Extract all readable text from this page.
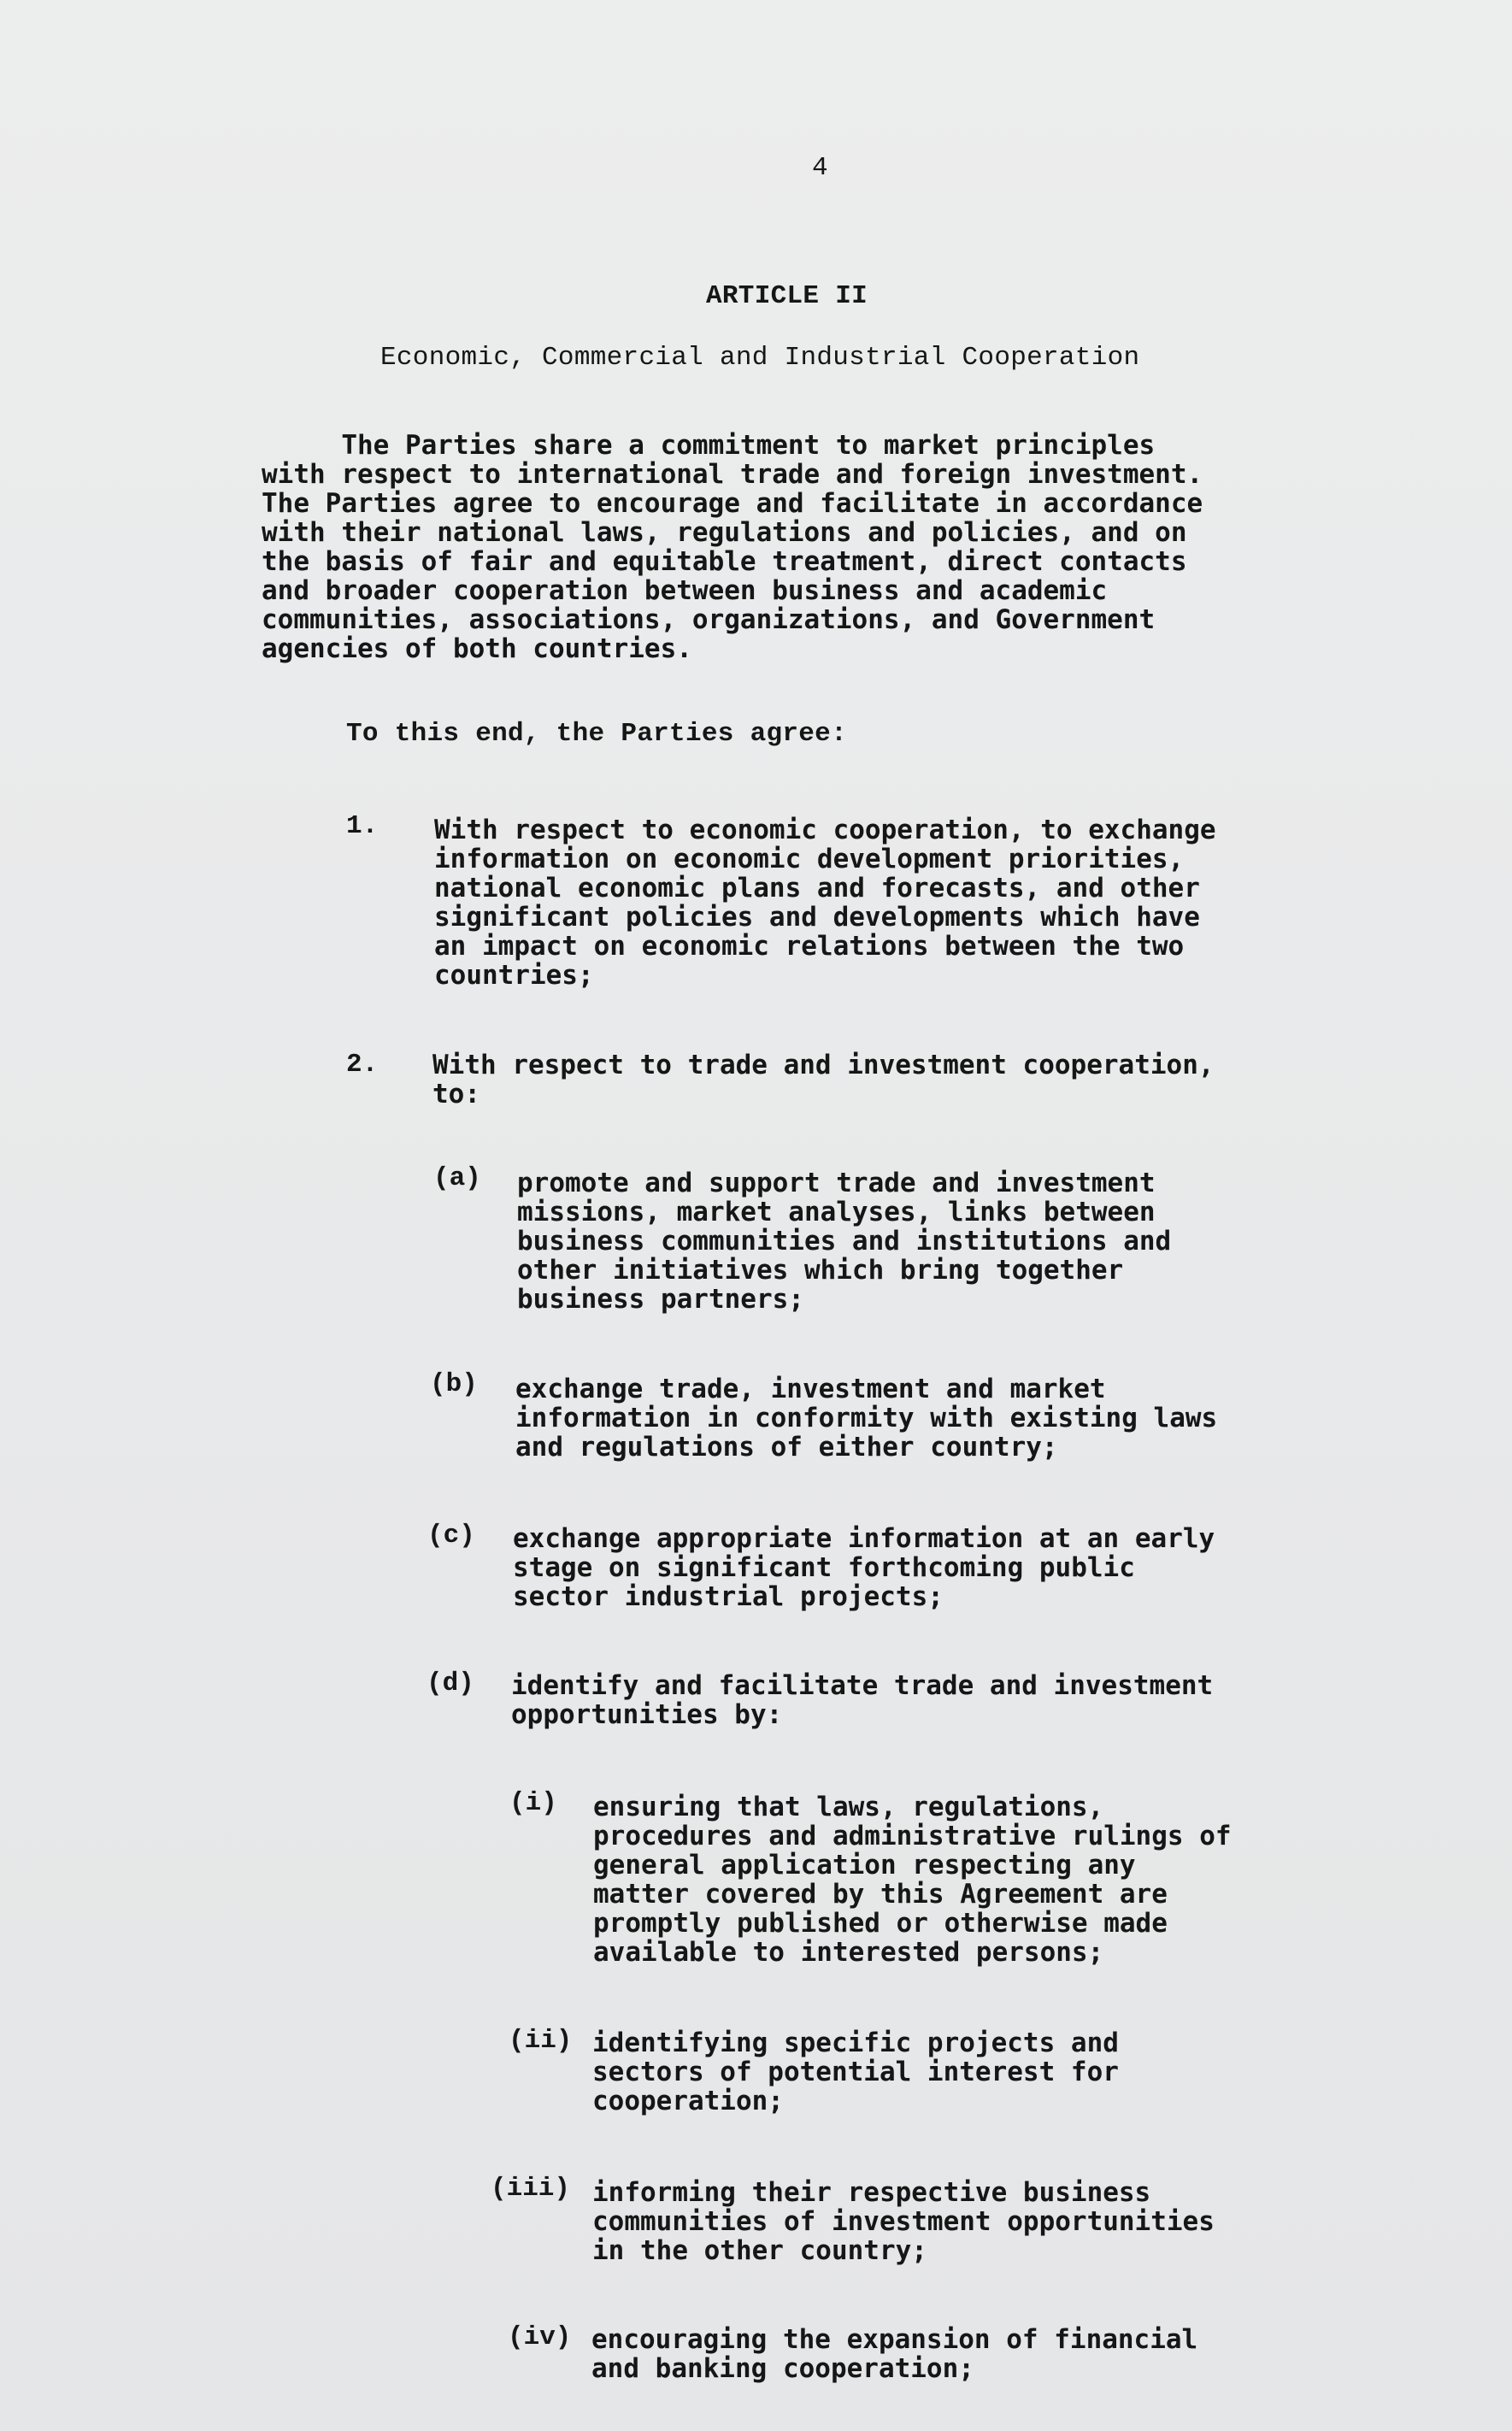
4
ARTICLE II
Economic, Commercial and Industrial Cooperation
The Parties share a commitment to market principles
with respect to international trade and foreign investment.
The Parties agree to encourage and facilitate in accordance
with their national laws, regulations and policies, and on
the basis of fair and equitable treatment, direct contacts
and broader cooperation between business and academic
communities, associations, organizations, and Government
agencies of both countries.
To this end, the Parties agree:
1. With respect to economic cooperation, to exchange
information on economic development priorities,
national economic plans and forecasts, and other
significant policies and developments which have
an impact on economic relations between the two
countries;
2. With respect to trade and investment cooperation,
to:
(a) promote and support trade and investment
missions, market analyses, links between
business communities and institutions and
other initiatives which bring together
business partners;
(b) exchange trade, investment and market
information in conformity with existing laws
and regulations of either country;
(c) exchange appropriate information at an early
stage on significant forthcoming public
sector industrial projects;
(d) identify and facilitate trade and investment
opportunities by:
(i) ensuring that laws, regulations,
procedures and administrative rulings of
general application respecting any
matter covered by this Agreement are
promptly published or otherwise made
available to interested persons;
(ii) identifying specific projects and
sectors of potential interest for
cooperation;
(iii) informing their respective business
communities of investment opportunities
in the other country;
(iv) encouraging the expansion of financial
and banking cooperation;
